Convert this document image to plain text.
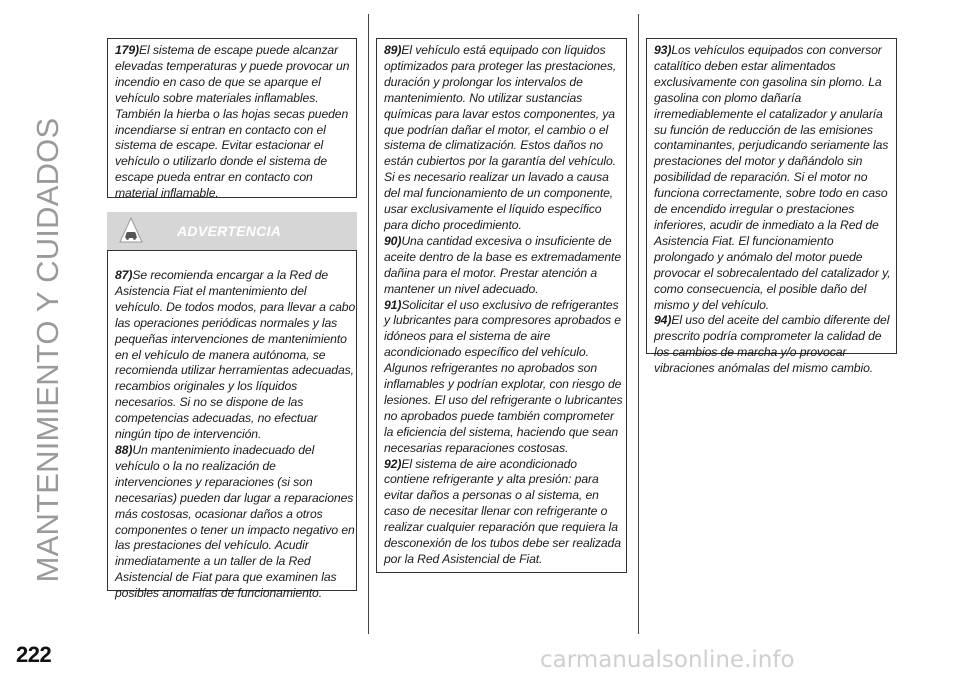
MANTENIMIENTO Y CUIDADOS
222	carmanualsonline.info
179)El sistema de escape puede alcanzar elevadas temperaturas y puede provocar un incendio en caso de que se aparque el vehículo sobre materiales inflamables. También la hierba o las hojas secas pueden incendiarse si entran en contacto con el sistema de escape. Evitar estacionar el vehículo o utilizarlo donde el sistema de escape pueda entrar en contacto con material inflamable.
ADVERTENCIA
87)Se recomienda encargar a la Red de Asistencia Fiat el mantenimiento del vehículo. De todos modos, para llevar a cabo las operaciones periódicas normales y las pequeñas intervenciones de mantenimiento en el vehículo de manera autónoma, se recomienda utilizar herramientas adecuadas, recambios originales y los líquidos necesarios. Si no se dispone de las competencias adecuadas, no efectuar ningún tipo de intervención.
88)Un mantenimiento inadecuado del vehículo o la no realización de intervenciones y reparaciones (si son necesarias) pueden dar lugar a reparaciones más costosas, ocasionar daños a otros componentes o tener un impacto negativo en las prestaciones del vehículo. Acudir inmediatamente a un taller de la Red Asistencial de Fiat para que examinen las posibles anomalías de funcionamiento.
89)El vehículo está equipado con líquidos optimizados para proteger las prestaciones, duración y prolongar los intervalos de mantenimiento. No utilizar sustancias químicas para lavar estos componentes, ya que podrían dañar el motor, el cambio o el sistema de climatización. Estos daños no están cubiertos por la garantía del vehículo. Si es necesario realizar un lavado a causa del mal funcionamiento de un componente, usar exclusivamente el líquido específico para dicho procedimiento.
90)Una cantidad excesiva o insuficiente de aceite dentro de la base es extremadamente dañina para el motor. Prestar atención a mantener un nivel adecuado.
91)Solicitar el uso exclusivo de refrigerantes y lubricantes para compresores aprobados e idóneos para el sistema de aire acondicionado específico del vehículo. Algunos refrigerantes no aprobados son inflamables y podrían explotar, con riesgo de lesiones. El uso del refrigerante o lubricantes no aprobados puede también comprometer la eficiencia del sistema, haciendo que sean necesarias reparaciones costosas.
92)El sistema de aire acondicionado contiene refrigerante y alta presión: para evitar daños a personas o al sistema, en caso de necesitar llenar con refrigerante o realizar cualquier reparación que requiera la desconexión de los tubos debe ser realizada por la Red Asistencial de Fiat.
93)Los vehículos equipados con conversor catalítico deben estar alimentados exclusivamente con gasolina sin plomo. La gasolina con plomo dañaría irremediablemente el catalizador y anularía su función de reducción de las emisiones contaminantes, perjudicando seriamente las prestaciones del motor y dañándolo sin posibilidad de reparación. Si el motor no funciona correctamente, sobre todo en caso de encendido irregular o prestaciones inferiores, acudir de inmediato a la Red de Asistencia Fiat. El funcionamiento prolongado y anómalo del motor puede provocar el sobrecalentado del catalizador y, como consecuencia, el posible daño del mismo y del vehículo.
94)El uso del aceite del cambio diferente del prescrito podría comprometer la calidad de los cambios de marcha y/o provocar vibraciones anómalas del mismo cambio.
